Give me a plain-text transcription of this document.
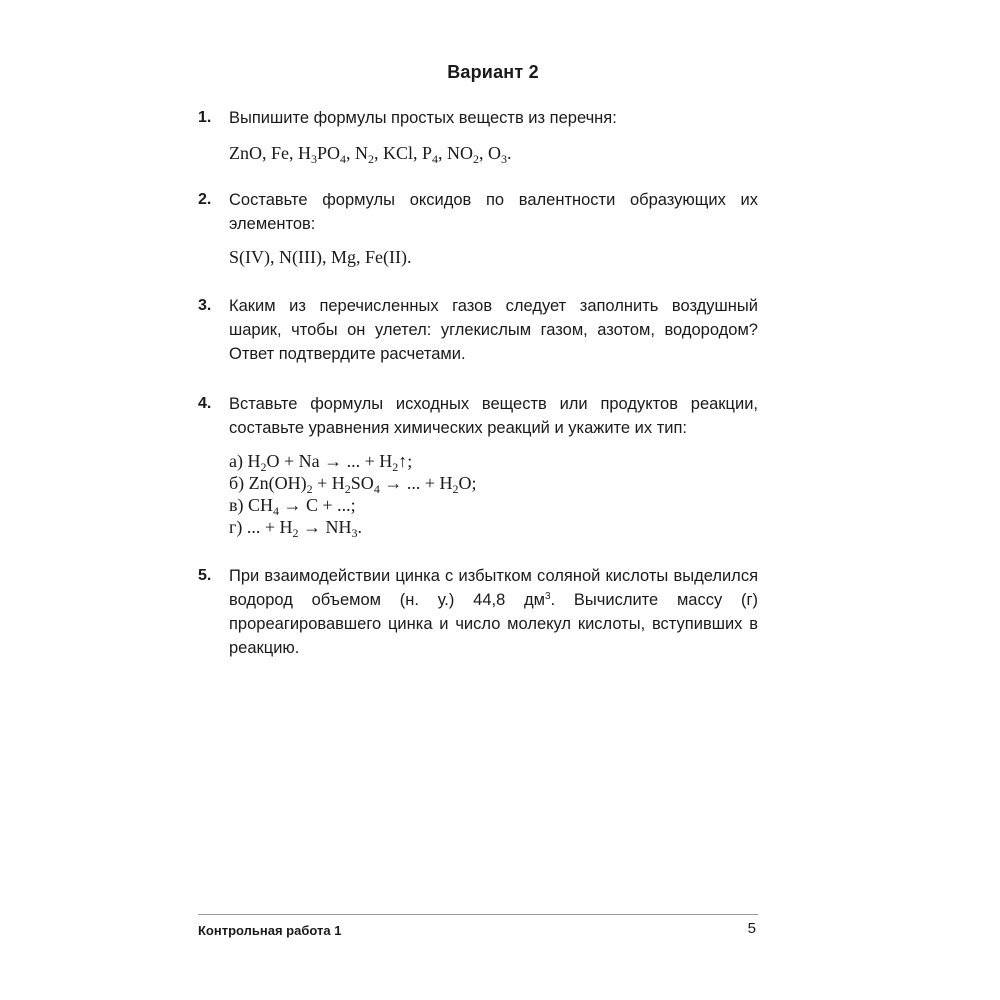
Вариант 2
1. Выпишите формулы простых веществ из перечня:

ZnO, Fe, $H_3PO_4$, $N_2$, KCl, $P_4$, $NO_2$, $O_3$.

2. Составьте формулы оксидов по валентности образующих их элементов:

S(IV), N(III), Mg, Fe(II).

3. Каким из перечисленных газов следует заполнить воздушный шарик, чтобы он улетел: углекислым газом, азотом, водородом? Ответ подтвердите расчетами.

4. Вставьте формулы исходных веществ или продуктов реакции, составьте уравнения химических реакций и укажите их тип:

а) $H_2O + Na$ → ... + $H_2↑$;

б) $Zn(OH)_2 + H_2SO_4$ → ... + $H_2O$;

в) $CH_4 \to C$ + ...;

г) ... + $H_2 \to NH_3$.

5. При взаимодействии цинка с избытком соляной кислоты выделился водород объемом (н. у.) 44,8 $дм^3$. Вычислите массу (г) прореагировавшего цинка и число молекул кислоты, вступивших в реакцию.

Контрольная работа 1	5
